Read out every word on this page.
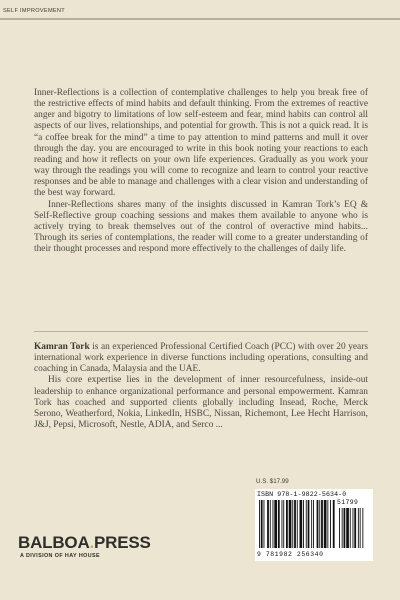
SELF IMPROVEMENT

Inner-Reflections is a collection of contemplative challenges to help you break free of the restrictive effects of mind habits and default thinking. From the extremes of reactive anger and bigotry to limitations of low self-esteem and fear, mind habits can control all aspects of our lives, relationships, and potential for growth. This is not a quick read. It is “a coffee break for the mind” a time to pay attention to mind patterns and mull it over through the day. you are encouraged to write in this book noting your reactions to each reading and how it reflects on your own life experiences. Gradually as you work your way through the readings you will come to recognize and learn to control your reactive responses and be able to manage and challenges with a clear vision and understanding of the best way forward.

Inner-Reflections shares many of the insights discussed in Kamran Tork’s EQ & Self-Reflective group coaching sessions and makes them available to anyone who is actively trying to break themselves out of the control of overactive mind habits... Through its series of contemplations, the reader will come to a greater understanding of their thought processes and respond more effectively to the challenges of daily life.

Kamran Tork is an experienced Professional Certified Coach (PCC) with over 20 years international work experience in diverse functions including operations, consulting and coaching in Canada, Malaysia and the UAE.

His core expertise lies in the development of inner resourcefulness, inside-out leadership to enhance organizational performance and personal empowerment. Kamran Tork has coached and supported clients globally including Insead, Roche, Merck Serono, Weatherford, Nokia, LinkedIn, HSBC, Nissan, Richemont, Lee Hecht Harrison, J&J, Pepsi, Microsoft, Nestle, ADIA, and Serco ...

U.S. $17.99
ISBN 978-1-9822-5634-0
51799
9 781982 256340
BALBOA.PRESS
A DIVISION OF HAY HOUSE
